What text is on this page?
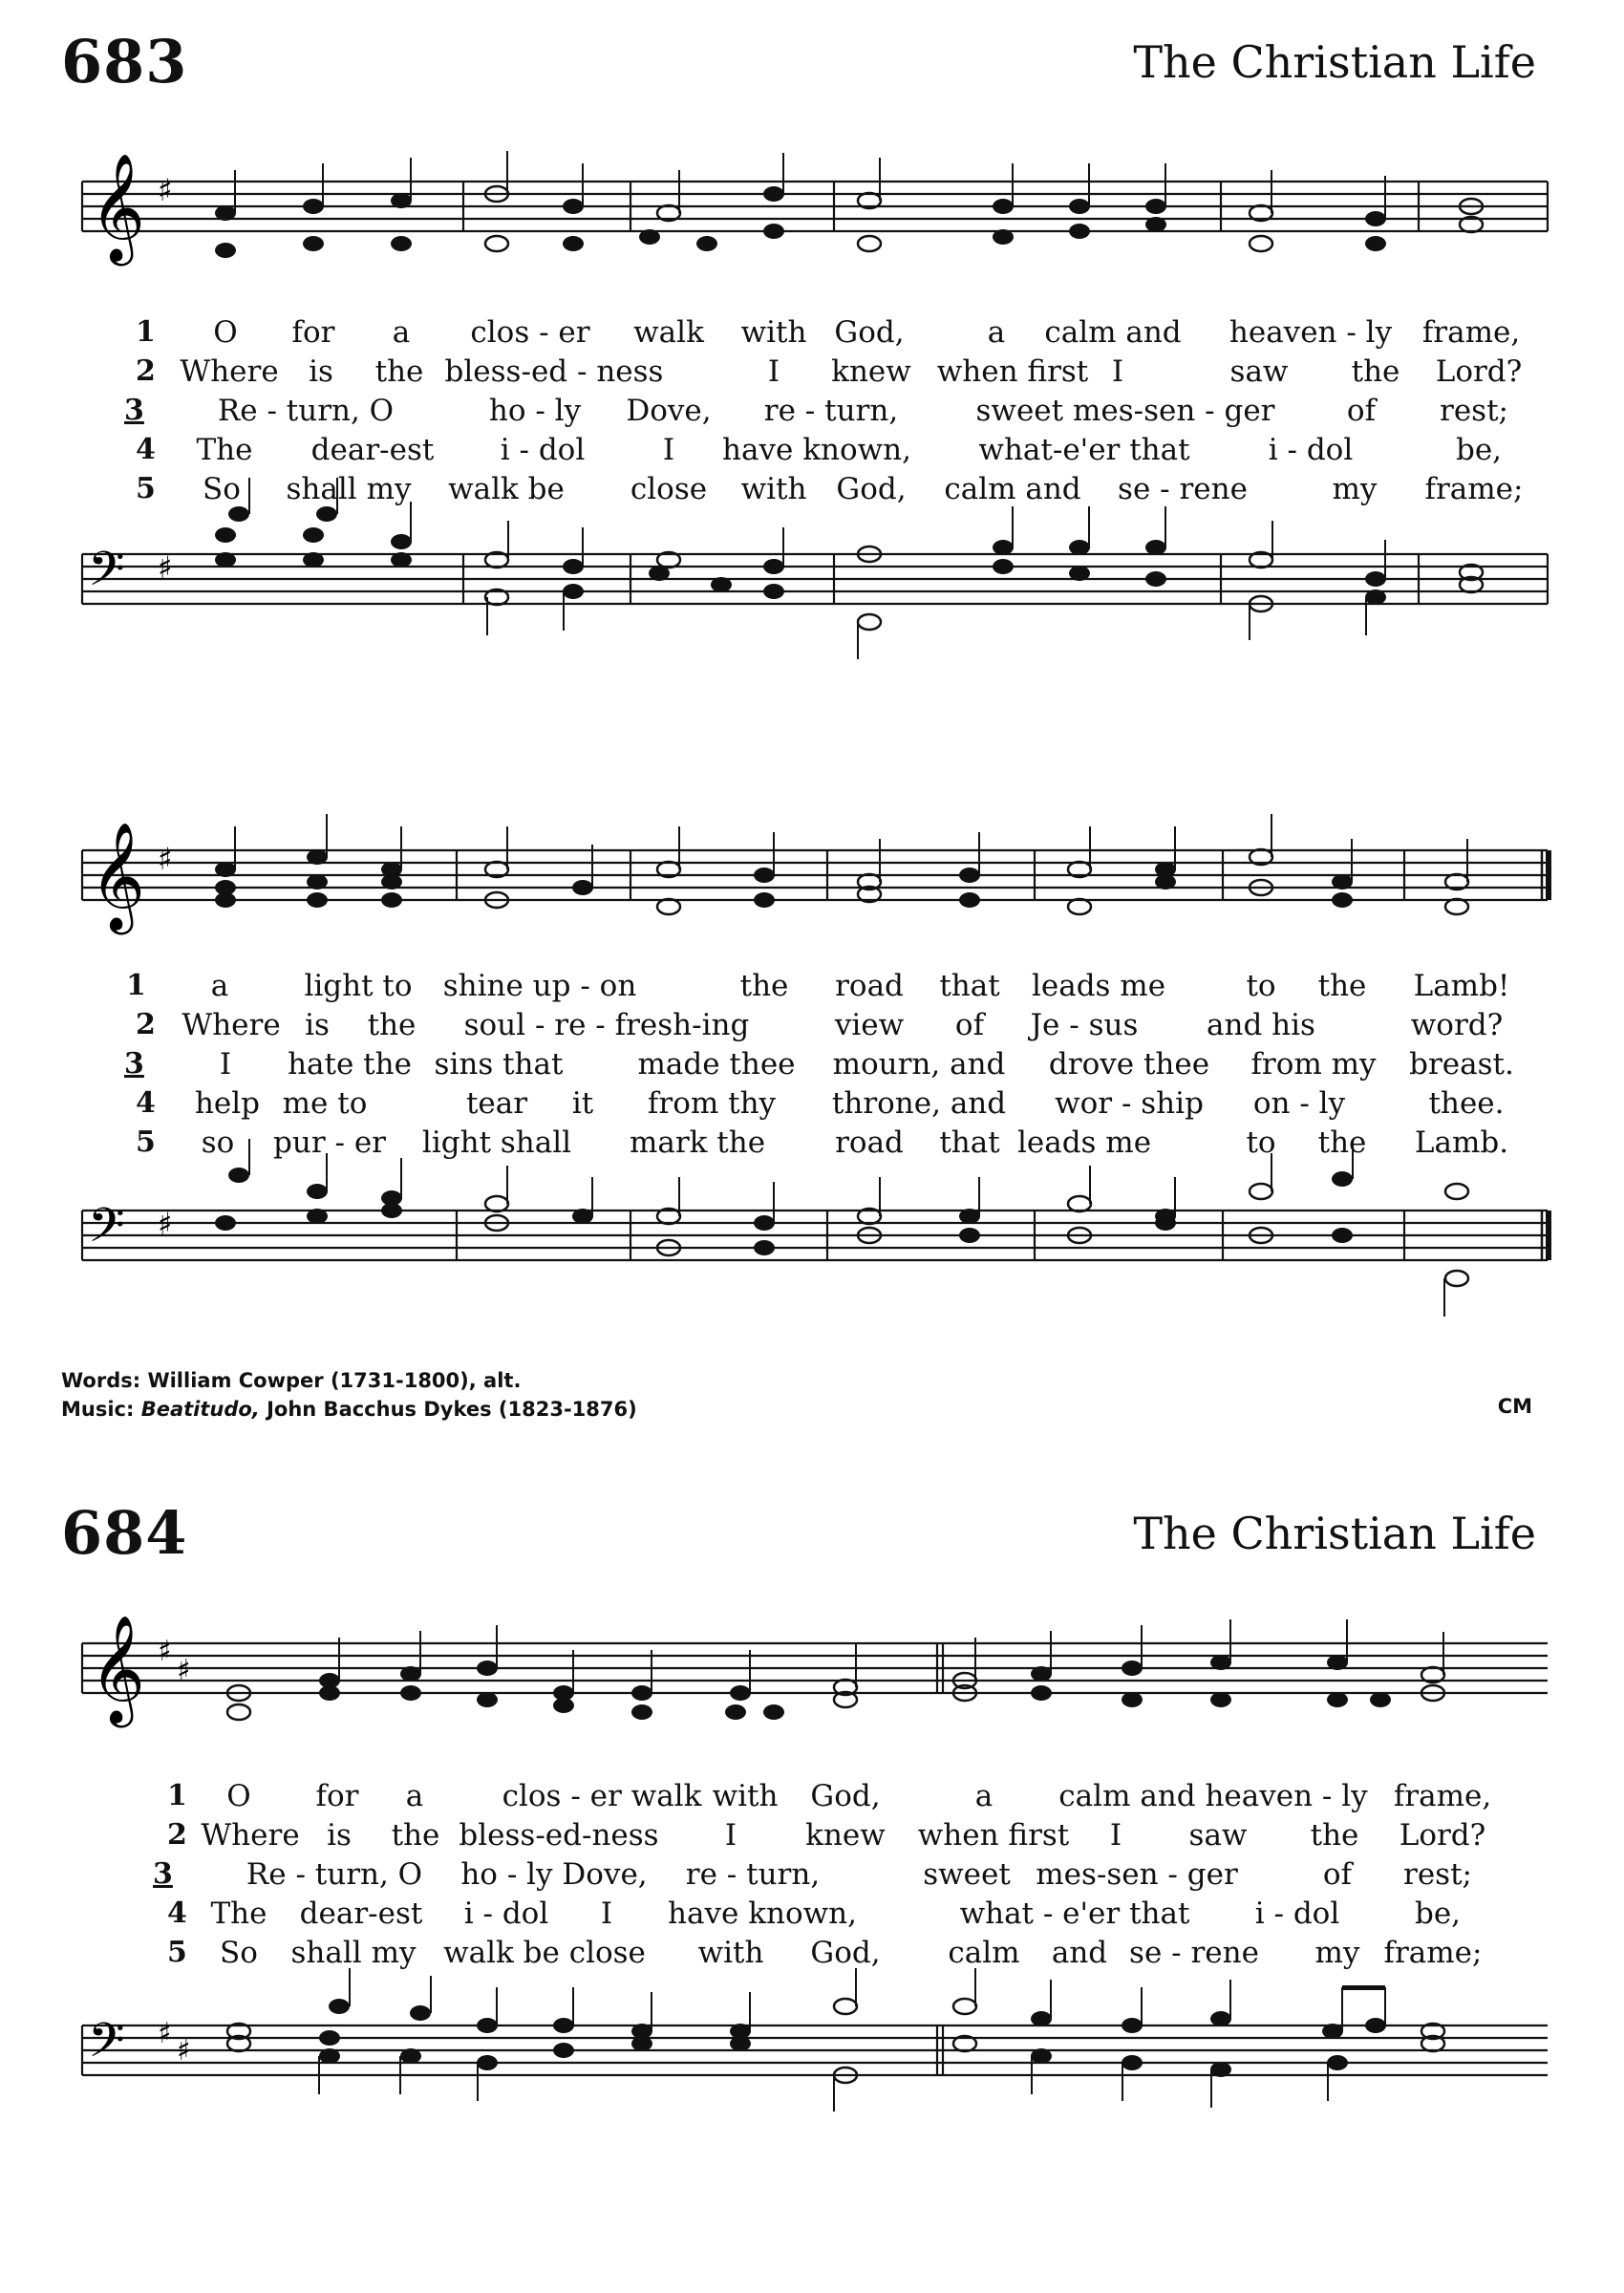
683	The Christian Life
𝄞 ♯
1 O for a clos - er walk with God,	a calm and heaven - ly frame,
2 Where is the bless-ed - ness	I knew when first I	saw the Lord?
3 Re - turn, O	ho - ly Dove, re - turn,	sweet mes-sen - ger of rest;
4 The dear-est i - dol	I have known, what-e'er that	i - dol	be,
5 So shall my walk be close with God, calm and se - rene	my frame;
𝄢 ♯
𝄞 ♯
1 a	light to shine up - on	the road that leads me	to the Lamb!
2 Where is the soul - re - fresh-ing	view of Je - sus and his	word?
3	I hate the sins that	made thee mourn, and drove thee from my breast.
4 help me to	tear it from thy throne, and wor - ship on - ly	thee.
5 so pur - er light shall mark the road that leads me	to the Lamb.
𝄢 ♯
Words: William Cowper (1731-1800), alt.
Music: Beatitudo, John Bacchus Dykes (1823-1876)	CM
684	The Christian Life
𝄞 ♯
♯
1 O for a	clos - er walk with God,	a calm and heaven - ly frame,
2 Where is the bless-ed-ness I knew when first I saw the Lord?
3 Re - turn, O ho - ly Dove, re - turn,	sweet mes-sen - ger	of rest;
4 The dear-est i - dol I have known,	what - e'er that i - dol	be,
5 So shall my walk be close with God, calm and se - rene my frame;
𝄢 ♯
♯
